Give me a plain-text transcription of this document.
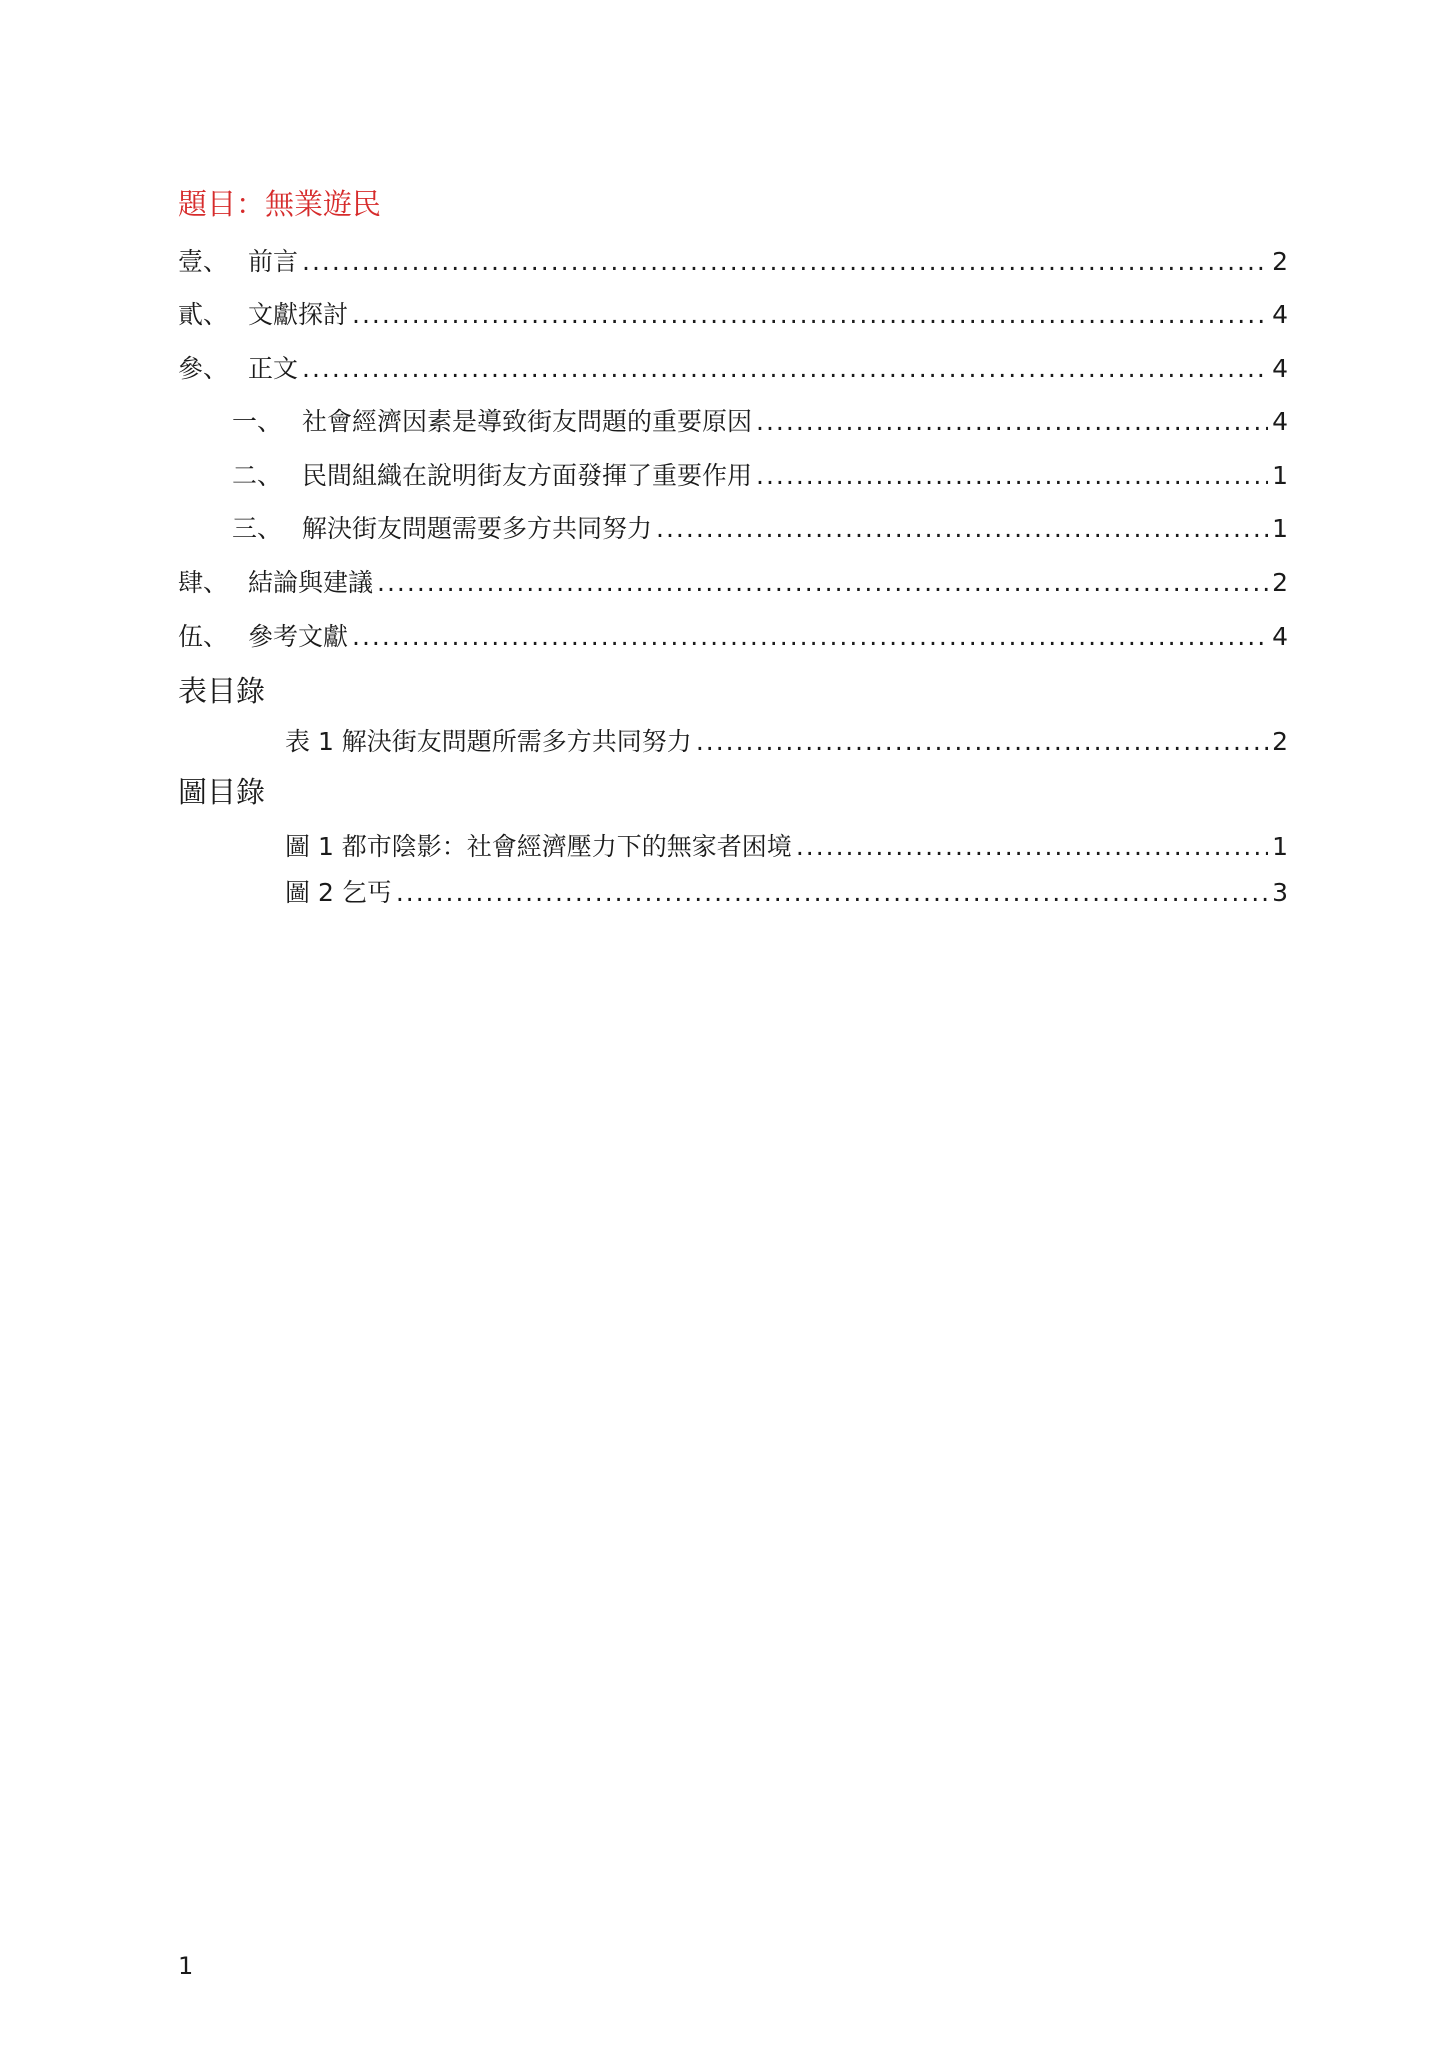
題目：無業遊民
壹、 前言 .....	2
貳、 文獻探討 .....	4
參、 正文 .....	4
一、 社會經濟因素是導致街友問題的重要原因 .....	4
二、 民間組織在說明街友方面發揮了重要作用 .....	1
三、 解決街友問題需要多方共同努力 .....	1
肆、 結論與建議 .....	2
伍、 參考文獻 .....	4
表目錄
表 1 解決街友問題所需多方共同努力 .....	2
圖目錄
圖 1 都市陰影：社會經濟壓力下的無家者困境 .....	1
圖 2 乞丐 .....	3
1
